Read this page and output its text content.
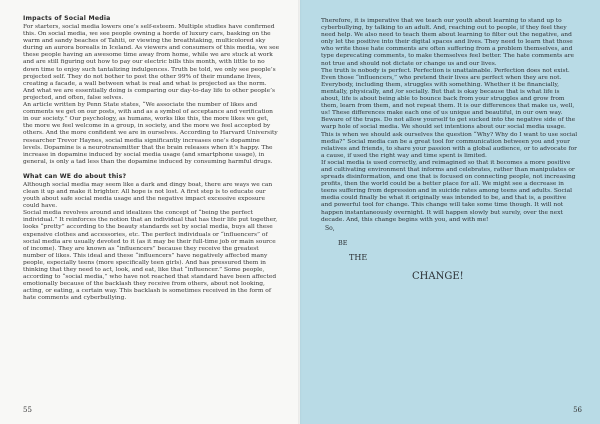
Impacts of Social Media

For starters, social media lowers one’s self-esteem. Multiple studies have confirmed this. On social media, we see people owning a horde of luxury cars, basking on the warm and sandy beaches of Tahiti, or viewing the breathtaking, multicolored sky during an aurora borealis in Iceland. As viewers and consumers of this media, we see these people having an awesome time away from home, while we are stuck at work and are still figuring out how to pay our electric bills this month, with little to no down time to enjoy such tantalizing indulgences. Truth be told, we only see people’s projected self. They do not bother to post the other 99% of their mundane lives, creating a facade, a wall between what is real and what is projected as the norm. And what we are essentially doing is comparing our day-to-day life to other people’s projected, and often, false selves.

An article written by Penn State states, “We associate the number of likes and comments we get on our posts, with and as a symbol of acceptance and verification in our society.” Our psychology, as humans, works like this, the more likes we get, the more we feel welcome in a group, in society, and the more we feel accepted by others. And the more confident we are in ourselves. According to Harvard University researcher Trevor Haynes, social media significantly increases one’s dopamine levels. Dopamine is a neurotransmitter that the brain releases when it’s happy. The increase in dopamine induced by social media usage (and smartphone usage), in general, is only a tad less than the dopamine induced by consuming harmful drugs.

What can WE do about this?

Although social media may seem like a dark and dingy boat, there are ways we can clean it up and make it brighter. All hope is not lost. A first step is to educate our youth about safe social media usage and the negative impact excessive exposure could have.

Social media revolves around and idealizes the concept of “being the perfect individual.” It reinforces the notion that an individual that has their life put together, looks “pretty” according to the beauty standards set by social media, buys all these expensive clothes and accessories, etc. The perfect individuals or “influencers” of social media are usually devoted to it (as it may be their full-time job or main source of income). They are known as “influencers” because they receive the greatest number of likes. This ideal and these “influencers” have negatively affected many people, especially teens (more specifically teen girls). And has pressured them in thinking that they need to act, look, and eat, like that “influencer.” Some people, according to “social media,” who have not reached that standard have been affected emotionally because of the backlash they receive from others, about not looking, acting, or eating, a certain way. This backlash is sometimes received in the form of hate comments and cyberbullying.

55

Therefore, it is imperative that we teach our youth about learning to stand up to cyberbullying, by talking to an adult. And, reaching out to people, if they feel they need help. We also need to teach them about learning to filter out the negative, and only let the positive into their digital spaces and lives. They need to learn that those who write those hate comments are often suffering from a problem themselves, and type deprecating comments, to make themselves feel better. The hate comments are not true and should not dictate or change us and our lives.

The truth is nobody is perfect. Perfection is unattainable. Perfection does not exist. Even those “influencers,” who pretend their lives are perfect when they are not. Everybody, including them, struggles with something. Whether it be financially, mentally, physically, and /or socially. But that is okay because that is what life is about, life is about being able to bounce back from your struggles and grow from them, learn from them, and not repeat them. It is our differences that make us, well, us! These differences make each one of us unique and beautiful, in our own way.

Beware of the traps. Do not allow yourself to get sucked into the negative side of the warp hole of social media. We should set intentions about our social media usage. This is when we should ask ourselves the question “Why? Why do I want to use social media?” Social media can be a great tool for communication between you and your relatives and friends, to share your passion with a global audience, or to advocate for a cause, if used the right way and time spent is limited.

If social media is used correctly, and reimagined so that it becomes a more positive and cultivating environment that informs and celebrates, rather than manipulates or spreads disinformation, and one that is focused on connecting people, not increasing profits, then the world could be a better place for all. We might see a decrease in teens suffering from depression and in suicide rates among teens and adults. Social media could finally be what it originally was intended to be, and that is, a positive and powerful tool for change. This change will take some time though. It will not happen instantaneously overnight. It will happen slowly but surely, over the next decade. And, this change begins with you, and with me!

So,
BE
THE
CHANGE!
56
